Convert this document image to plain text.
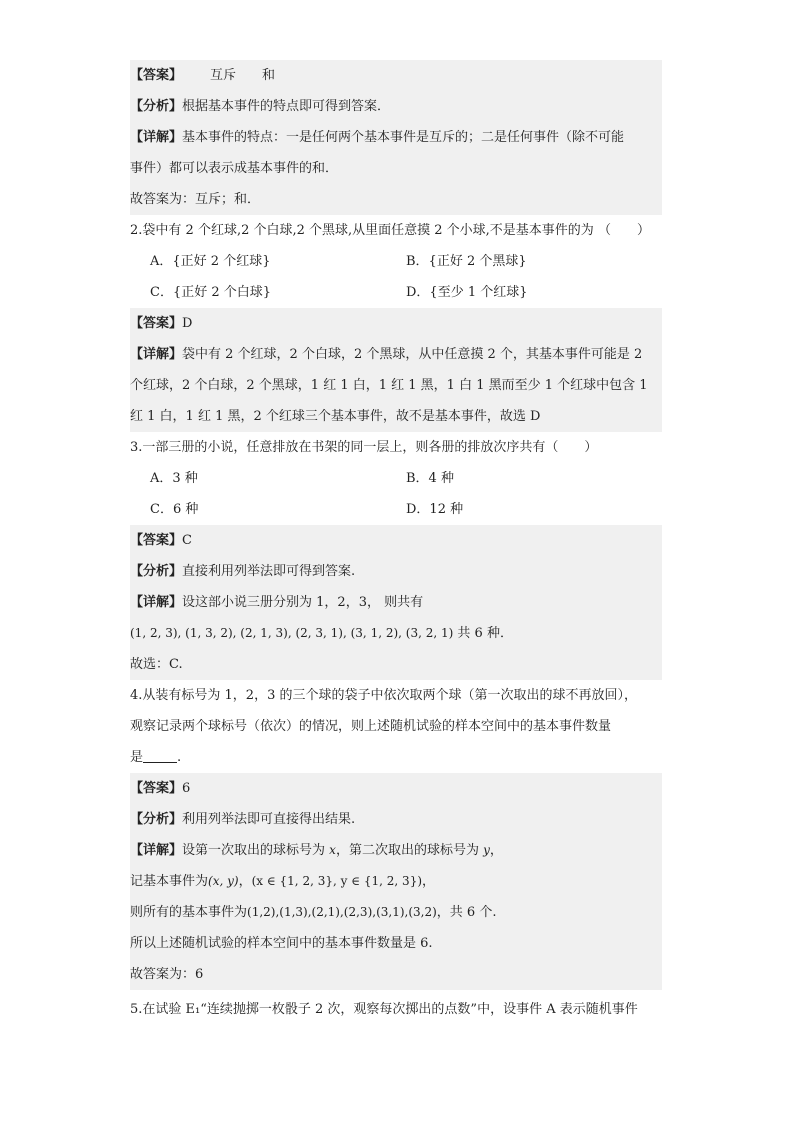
【答案】 互斥　　和
【分析】根据基本事件的特点即可得到答案．
【详解】基本事件的特点：一是任何两个基本事件是互斥的；二是任何事件（除不可能
事件）都可以表示成基本事件的和．
故答案为：互斥；和．
2.袋中有 2 个红球,2 个白球,2 个黑球,从里面任意摸 2 个小球,不是基本事件的为 （　　）
A．{正好 2 个红球}	B．{正好 2 个黑球}
C．{正好 2 个白球}	D．{至少 1 个红球}
【答案】D
【详解】袋中有 2 个红球，2 个白球，2 个黑球，从中任意摸 2 个，其基本事件可能是 2
个红球，2 个白球，2 个黑球，1 红 1 白，1 红 1 黑，1 白 1 黑而至少 1 个红球中包含 1
红 1 白，1 红 1 黑，2 个红球三个基本事件，故不是基本事件，故选 D
3.一部三册的小说，任意排放在书架的同一层上，则各册的排放次序共有（　　）
A．3 种	B．4 种
C．6 种	D．12 种
【答案】C
【分析】直接利用列举法即可得到答案.
【详解】设这部小说三册分别为 1，2，3， 则共有
(1, 2, 3), (1, 3, 2), (2, 1, 3), (2, 3, 1), (3, 1, 2), (3, 2, 1) 共 6 种．
故选：C.
4.从装有标号为 1，2，3 的三个球的袋子中依次取两个球（第一次取出的球不再放回），
观察记录两个球标号（依次）的情况，则上述随机试验的样本空间中的基本事件数量
是	.
【答案】6
【分析】利用列举法即可直接得出结果.
【详解】设第一次取出的球标号为 x，第二次取出的球标号为 y，
记基本事件为(x, y)，(x ∈ {1, 2, 3}, y ∈ {1, 2, 3})，
则所有的基本事件为(1,2),(1,3),(2,1),(2,3),(3,1),(3,2)，共 6 个.
所以上述随机试验的样本空间中的基本事件数量是 6.
故答案为：6
5.在试验 E₁“连续抛掷一枚骰子 2 次，观察每次掷出的点数”中，设事件 A 表示随机事件
